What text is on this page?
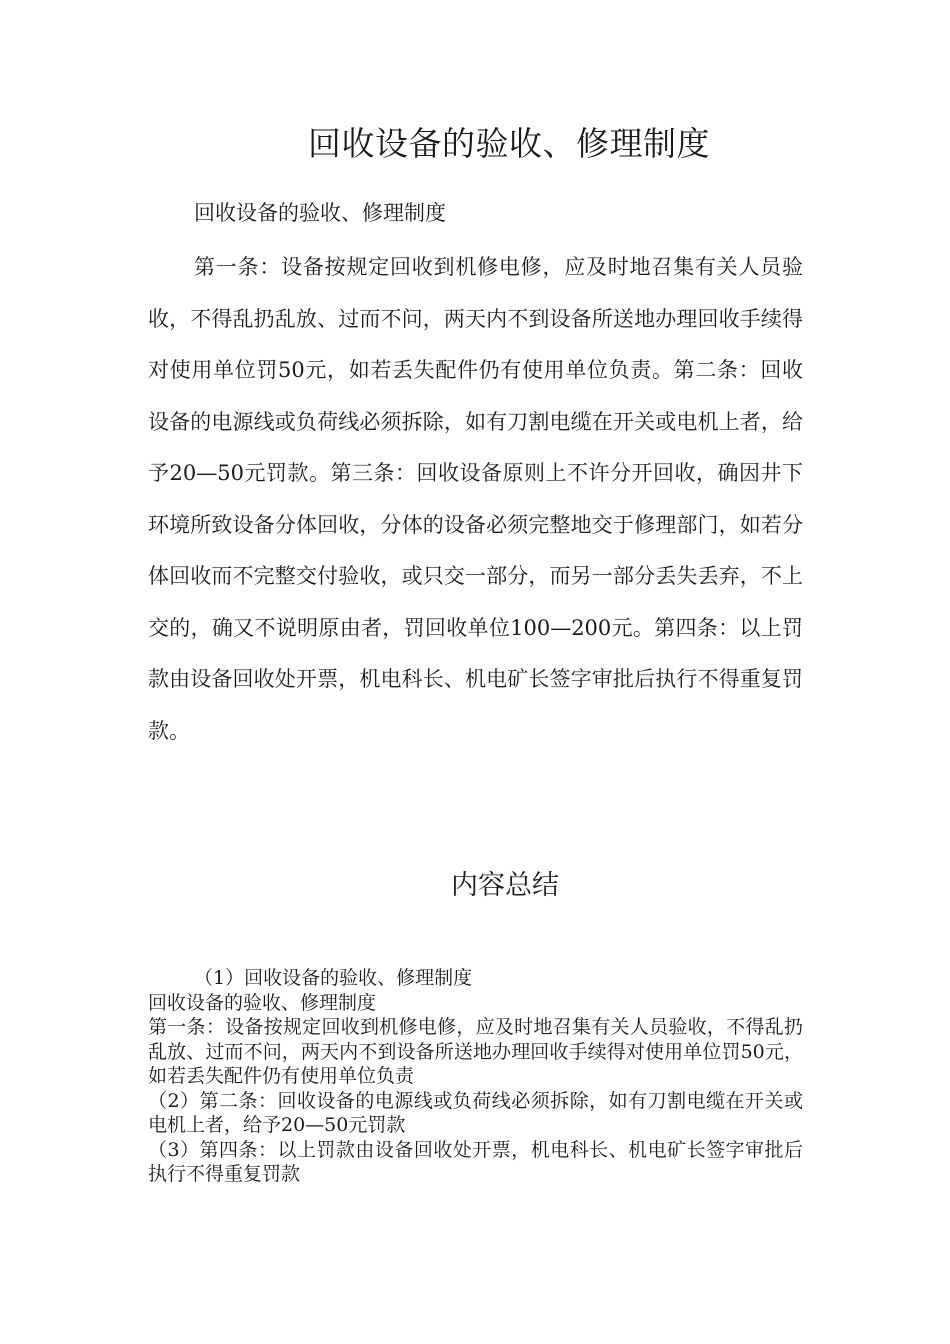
回收设备的验收、修理制度

回收设备的验收、修理制度

第一条：设备按规定回收到机修电修，应及时地召集有关人员验收，不得乱扔乱放、过而不问，两天内不到设备所送地办理回收手续得对使用单位罚50元，如若丢失配件仍有使用单位负责。第二条：回收设备的电源线或负荷线必须拆除，如有刀割电缆在开关或电机上者，给予20—50元罚款。第三条：回收设备原则上不许分开回收，确因井下环境所致设备分体回收，分体的设备必须完整地交于修理部门，如若分体回收而不完整交付验收，或只交一部分，而另一部分丢失丢弃，不上交的，确又不说明原由者，罚回收单位100—200元。第四条：以上罚款由设备回收处开票，机电科长、机电矿长签字审批后执行不得重复罚款。

内容总结

（1）回收设备的验收、修理制度

回收设备的验收、修理制度

第一条：设备按规定回收到机修电修，应及时地召集有关人员验收，不得乱扔乱放、过而不问，两天内不到设备所送地办理回收手续得对使用单位罚50元，如若丢失配件仍有使用单位负责

（2）第二条：回收设备的电源线或负荷线必须拆除，如有刀割电缆在开关或电机上者，给予20—50元罚款

（3）第四条：以上罚款由设备回收处开票，机电科长、机电矿长签字审批后执行不得重复罚款
